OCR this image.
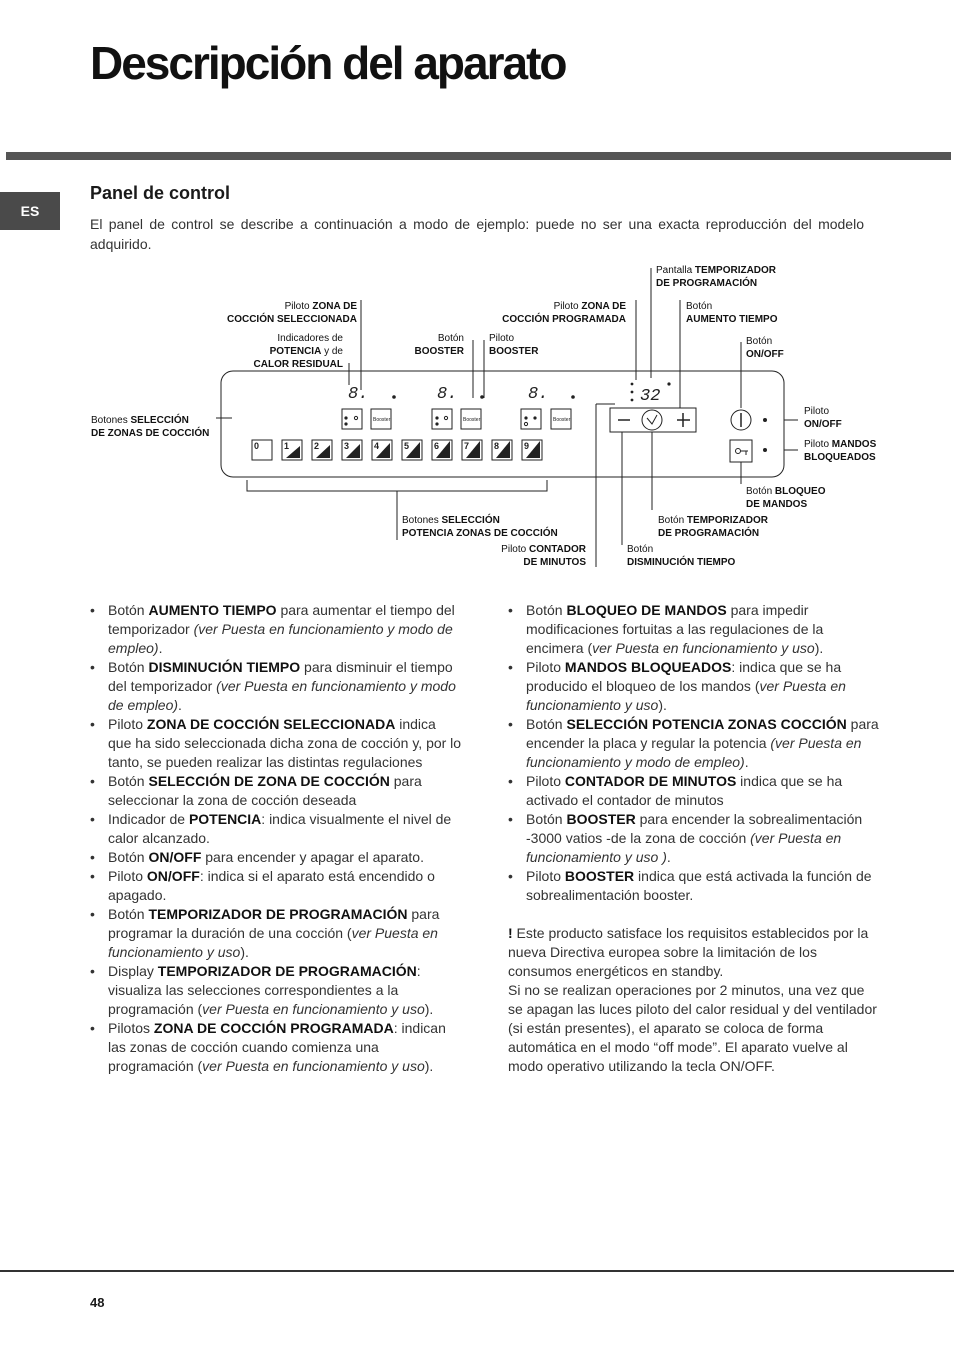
Descripción del aparato
ES
Panel de control
El panel de control se describe a continuación a modo de ejemplo: puede no ser una exacta reproducción del modelo adquirido.
8.	8.	8.	32
Booster	Booster	Booster
0	1	2	3	4	5	6	7	8	9
Pantalla TEMPORIZADOR
DE PROGRAMACIÓN
Piloto ZONA DE
COCCIÓN SELECCIONADA
Piloto ZONA DE
COCCIÓN PROGRAMADA
Botón
AUMENTO TIEMPO
Indicadores de
POTENCIA y de
CALOR RESIDUAL
Botón
BOOSTER
Piloto
BOOSTER
Botón
ON/OFF
Botones SELECCIÓN
DE ZONAS DE COCCIÓN
Piloto
ON/OFF
Piloto MANDOS
BLOQUEADOS
Botón BLOQUEO
DE MANDOS
Botones SELECCIÓN
POTENCIA ZONAS DE COCCIÓN
Botón TEMPORIZADOR
DE PROGRAMACIÓN
Piloto CONTADOR
DE MINUTOS
Botón
DISMINUCIÓN TIEMPO
• Botón AUMENTO TIEMPO para aumentar el tiempo del temporizador (ver Puesta en funcionamiento y modo de empleo).
• Botón DISMINUCIÓN TIEMPO para disminuir el tiempo del temporizador (ver Puesta en funcionamiento y modo de empleo).
• Piloto ZONA DE COCCIÓN SELECCIONADA indica que ha sido seleccionada dicha zona de cocción y, por lo tanto, se pueden realizar las distintas regulaciones
• Botón SELECCIÓN DE ZONA DE COCCIÓN para seleccionar la zona de cocción deseada
• Indicador de POTENCIA: indica visualmente el nivel de calor alcanzado.
• Botón ON/OFF para encender y apagar el aparato.
• Piloto ON/OFF: indica si el aparato está encendido o apagado.
• Botón TEMPORIZADOR DE PROGRAMACIÓN para programar la duración de una cocción (ver Puesta en funcionamiento y uso).
• Display TEMPORIZADOR DE PROGRAMACIÓN: visualiza las selecciones correspondientes a la programación (ver Puesta en funcionamiento y uso).
• Pilotos ZONA DE COCCIÓN PROGRAMADA: indican las zonas de cocción cuando comienza una programación (ver Puesta en funcionamiento y uso).
• Botón BLOQUEO DE MANDOS para impedir modificaciones fortuitas a las regulaciones de la encimera (ver Puesta en funcionamiento y uso).
• Piloto MANDOS BLOQUEADOS: indica que se ha producido el bloqueo de los mandos (ver Puesta en funcionamiento y uso).
• Botón SELECCIÓN POTENCIA ZONAS COCCIÓN para encender la placa y regular la potencia (ver Puesta en funcionamiento y modo de empleo).
• Piloto CONTADOR DE MINUTOS indica que se ha activado el contador de minutos
• Botón BOOSTER para encender la sobrealimentación -3000 vatios -de la zona de cocción (ver Puesta en funcionamiento y uso ).
• Piloto BOOSTER indica que está activada la función de sobrealimentación booster.

! Este producto satisface los requisitos establecidos por la nueva Directiva europea sobre la limitación de los consumos energéticos en standby.

Si no se realizan operaciones por 2 minutos, una vez que se apagan las luces piloto del calor residual y del ventilador (si están presentes), el aparato se coloca de forma automática en el modo “off mode”. El aparato vuelve al modo operativo utilizando la tecla ON/OFF.

48
